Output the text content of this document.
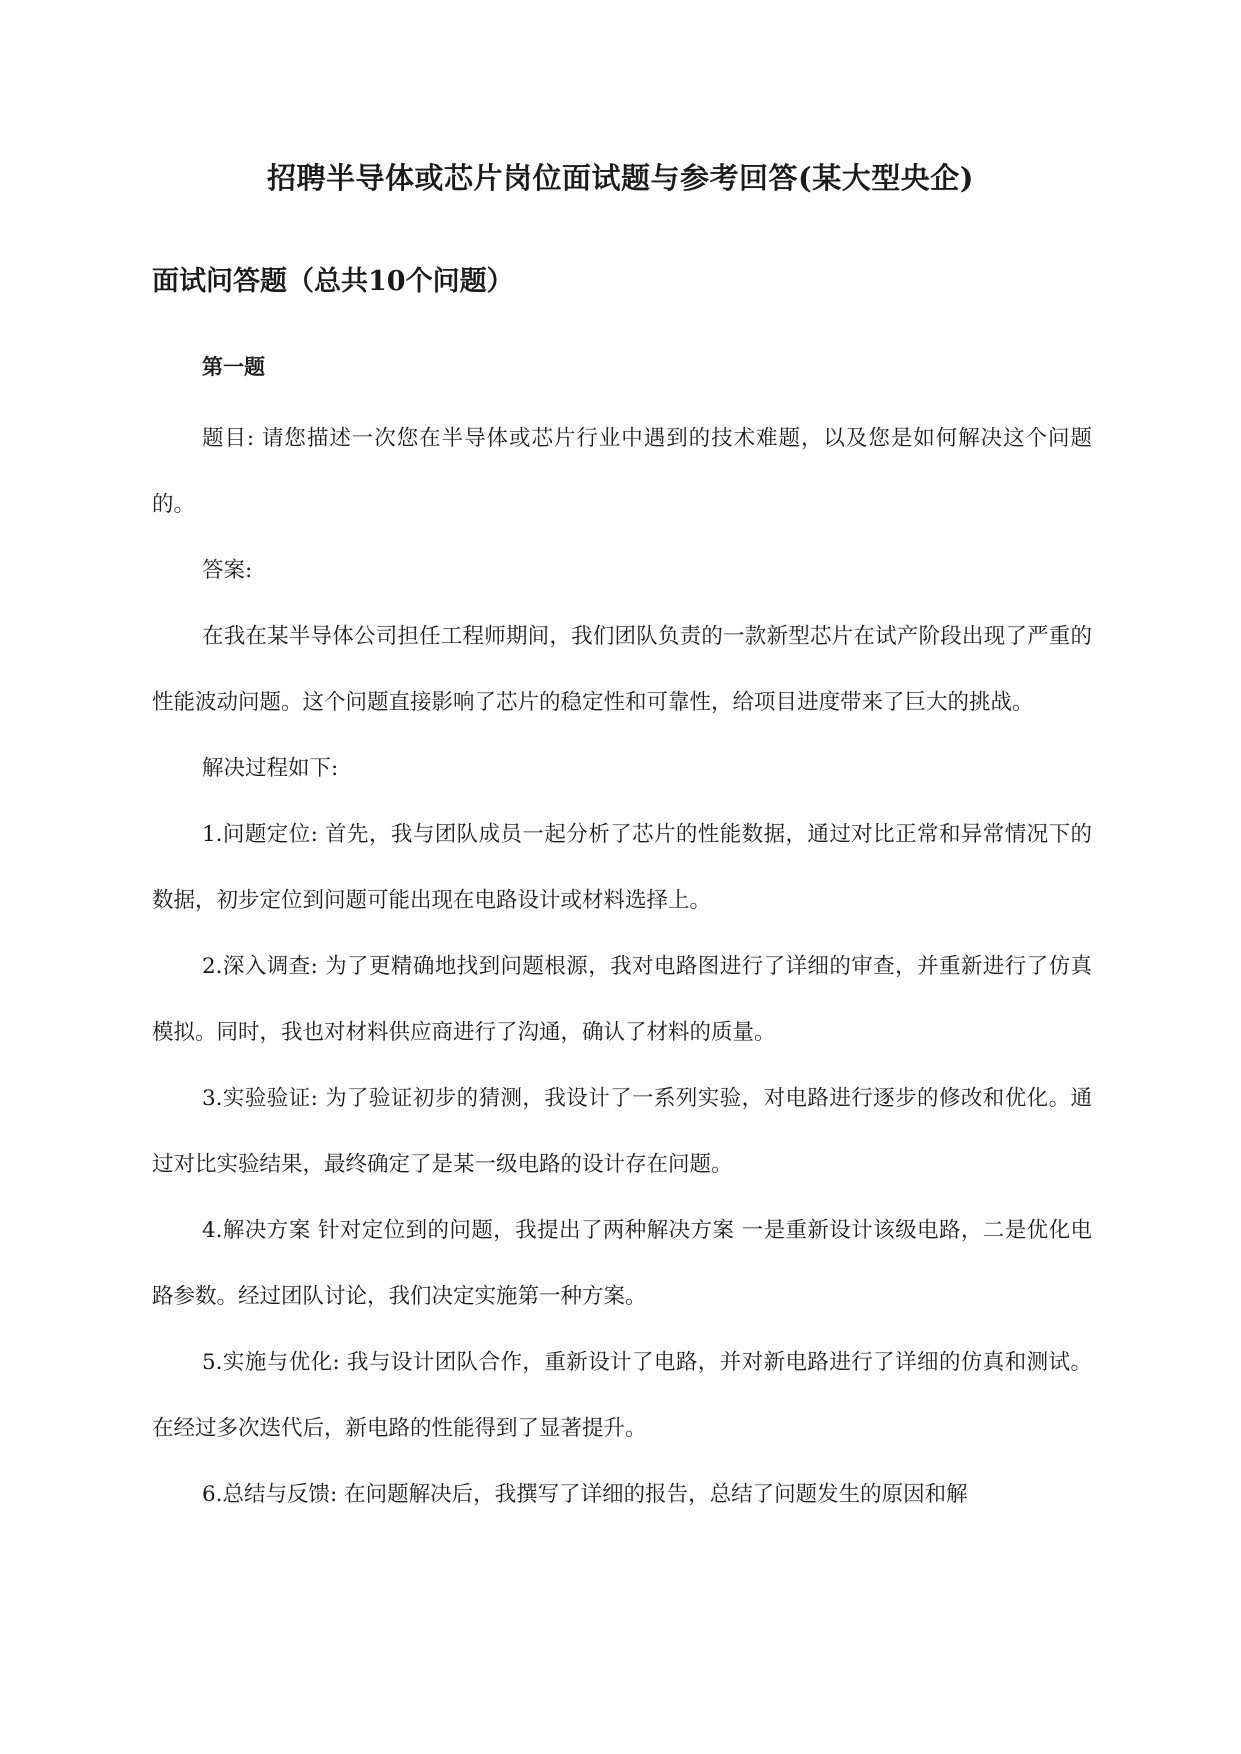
招聘半导体或芯片岗位面试题与参考回答(某大型央企)
面试问答题（总共10个问题）
第一题

题目: 请您描述一次您在半导体或芯片行业中遇到的技术难题，以及您是如何解决这个问题的。

答案:

在我在某半导体公司担任工程师期间，我们团队负责的一款新型芯片在试产阶段出现了严重的性能波动问题。这个问题直接影响了芯片的稳定性和可靠性，给项目进度带来了巨大的挑战。

解决过程如下:

1.问题定位: 首先，我与团队成员一起分析了芯片的性能数据，通过对比正常和异常情况下的数据，初步定位到问题可能出现在电路设计或材料选择上。

2.深入调查: 为了更精确地找到问题根源，我对电路图进行了详细的审查，并重新进行了仿真模拟。同时，我也对材料供应商进行了沟通，确认了材料的质量。

3.实验验证: 为了验证初步的猜测，我设计了一系列实验，对电路进行逐步的修改和优化。通过对比实验结果，最终确定了是某一级电路的设计存在问题。

4.解决方案 针对定位到的问题，我提出了两种解决方案 一是重新设计该级电路，二是优化电路参数。经过团队讨论，我们决定实施第一种方案。

5.实施与优化: 我与设计团队合作，重新设计了电路，并对新电路进行了详细的仿真和测试。在经过多次迭代后，新电路的性能得到了显著提升。

6.总结与反馈: 在问题解决后，我撰写了详细的报告，总结了问题发生的原因和解
